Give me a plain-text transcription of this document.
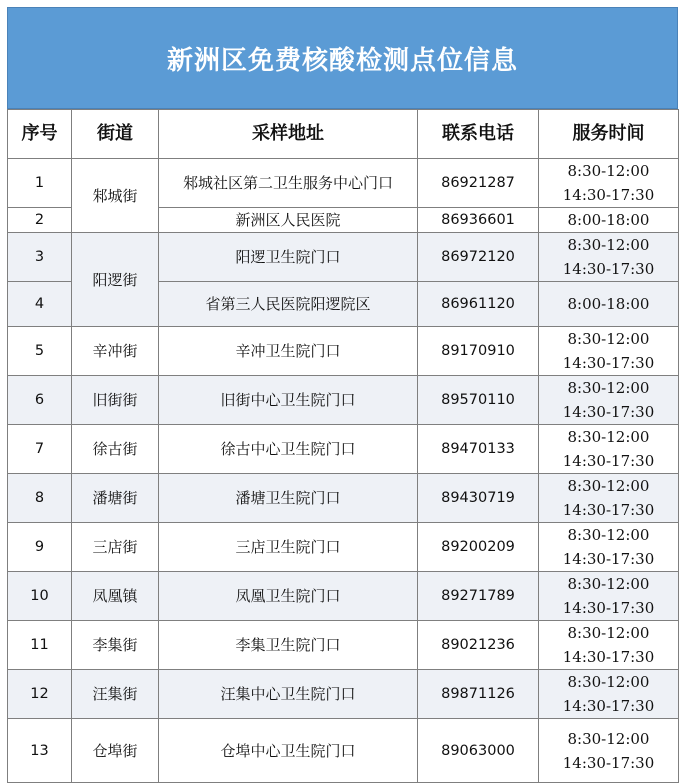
新洲区免费核酸检测点位信息
序号	街道	采样地址	联系电话	服务时间
1	邾城街	邾城社区第二卫生服务中心门口	86921287	8:30-12:00
14:30-17:30

2		新洲区人民医院	86936601	8:00-18:00
3	阳逻街	阳逻卫生院门口	86972120	8:30-12:00
14:30-17:30

4		省第三人民医院阳逻院区	86961120	8:00-18:00
5	辛冲街	辛冲卫生院门口	89170910	8:30-12:00
14:30-17:30

6	旧街街	旧街中心卫生院门口	89570110	8:30-12:00
14:30-17:30

7	徐古街	徐古中心卫生院门口	89470133	8:30-12:00
14:30-17:30

8	潘塘街	潘塘卫生院门口	89430719	8:30-12:00
14:30-17:30

9	三店街	三店卫生院门口	89200209	8:30-12:00
14:30-17:30

10	凤凰镇	凤凰卫生院门口	89271789	8:30-12:00
14:30-17:30

11	李集街	李集卫生院门口	89021236	8:30-12:00
14:30-17:30

12	汪集街	汪集中心卫生院门口	89871126	8:30-12:00
14:30-17:30

13	仓埠街	仓埠中心卫生院门口	89063000	8:30-12:00
14:30-17:30
